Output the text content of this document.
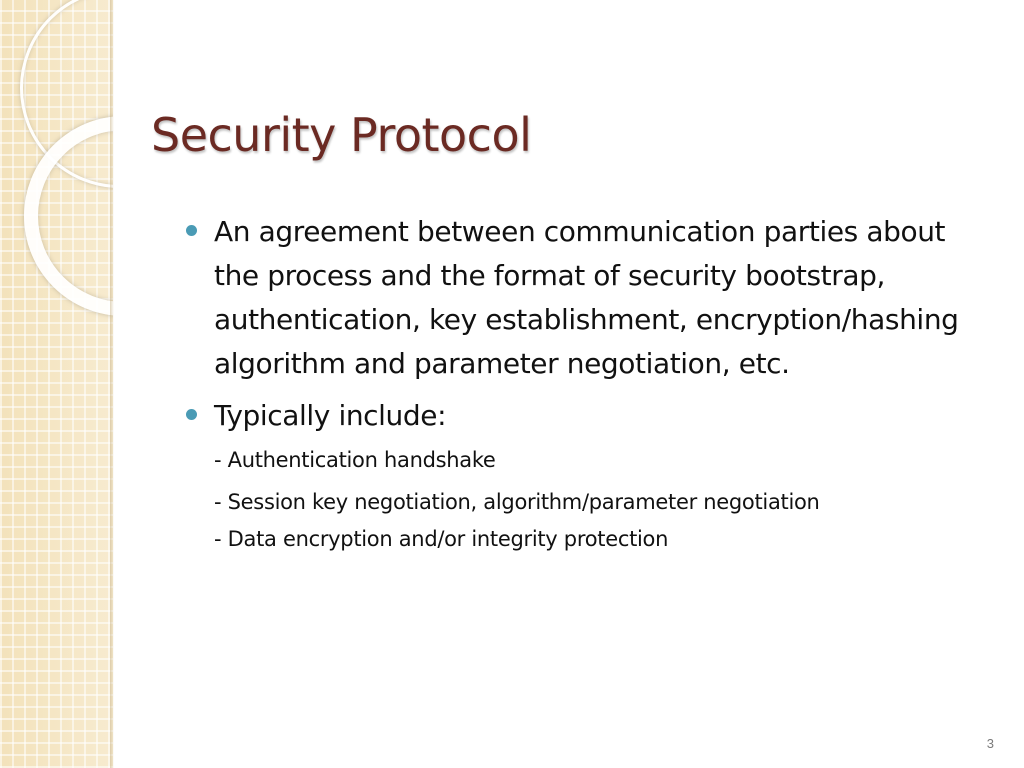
Security Protocol
An agreement between communication parties about the process and the format of security bootstrap, authentication, key establishment, encryption/hashing algorithm and parameter negotiation, etc.
Typically include:
- Authentication handshake
- Session key negotiation, algorithm/parameter negotiation
- Data encryption and/or integrity protection
3
